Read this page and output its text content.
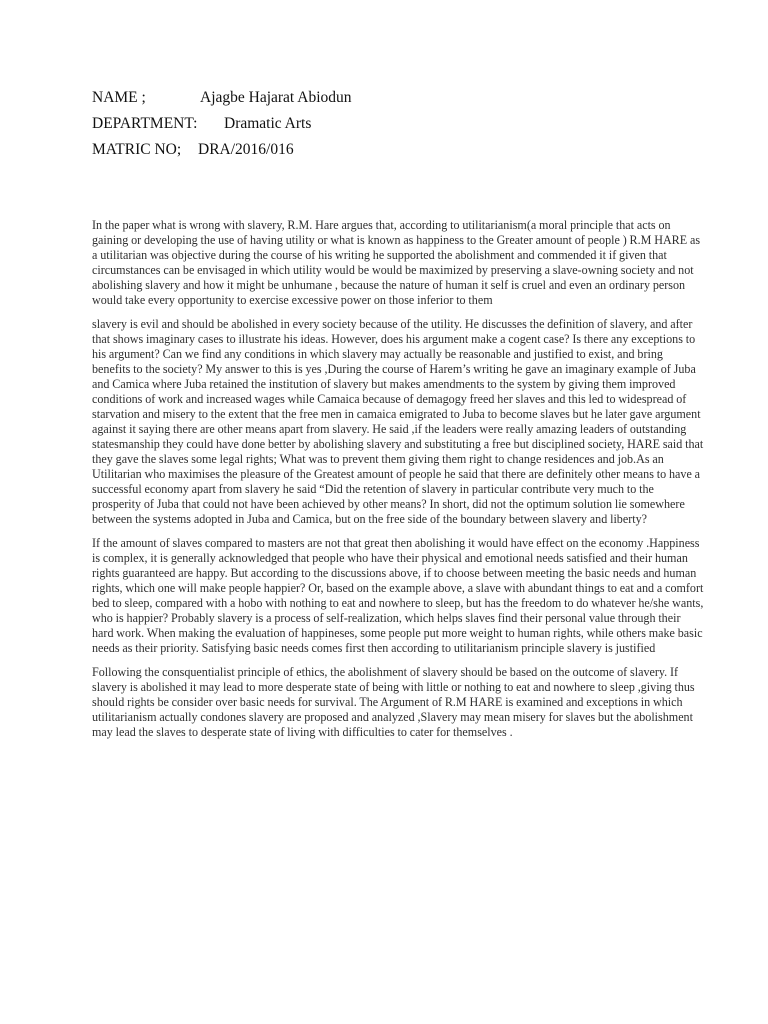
NAME ;	Ajagbe Hajarat Abiodun
DEPARTMENT:	Dramatic Arts
MATRIC NO;	DRA/2016/016

In the paper what is wrong with slavery, R.M. Hare argues that, according to utilitarianism(a moral principle that acts on gaining or developing the use of having utility or what is known as happiness to the Greater amount of people ) R.M HARE as a utilitarian was objective during the course of his writing he supported the abolishment and commended it if given that circumstances can be envisaged in which utility would be would be maximized by preserving a slave-owning society and not abolishing slavery and how it might be unhumane , because the nature of human it self is cruel and even an ordinary person would take every opportunity to exercise excessive power on those inferior to them

slavery is evil and should be abolished in every society because of the utility. He discusses the definition of slavery, and after that shows imaginary cases to illustrate his ideas. However, does his argument make a cogent case? Is there any exceptions to his argument? Can we find any conditions in which slavery may actually be reasonable and justified to exist, and bring benefits to the society? My answer to this is yes ,During the course of Harem’s writing he gave an imaginary example of Juba and Camica where Juba retained the institution of slavery but makes amendments to the system by giving them improved conditions of work and increased wages while Camaica because of demagogy freed her slaves and this led to widespread of starvation and misery to the extent that the free men in camaica emigrated to Juba to become slaves but he later gave argument against it saying there are other means apart from slavery. He said ,if the leaders were really amazing leaders of outstanding statesmanship they could have done better by abolishing slavery and substituting a free but disciplined society, HARE said that they gave the slaves some legal rights; What was to prevent them giving them right to change residences and job.As an Utilitarian who maximises the pleasure of the Greatest amount of people he said that there are definitely other means to have a successful economy apart from slavery he said “Did the retention of slavery in particular contribute very much to the prosperity of Juba that could not have been achieved by other means? In short, did not the optimum solution lie somewhere between the systems adopted in Juba and Camica, but on the free side of the boundary between slavery and liberty?

If the amount of slaves compared to masters are not that great then abolishing it would have effect on the economy .Happiness is complex, it is generally acknowledged that people who have their physical and emotional needs satisfied and their human rights guaranteed are happy. But according to the discussions above, if to choose between meeting the basic needs and human rights, which one will make people happier? Or, based on the example above, a slave with abundant things to eat and a comfort bed to sleep, compared with a hobo with nothing to eat and nowhere to sleep, but has the freedom to do whatever he/she wants, who is happier? Probably slavery is a process of self-realization, which helps slaves find their personal value through their hard work. When making the evaluation of happineses, some people put more weight to human rights, while others make basic needs as their priority. Satisfying basic needs comes first then according to utilitarianism principle slavery is justified

Following the consquentialist principle of ethics, the abolishment of slavery should be based on the outcome of slavery. If slavery is abolished it may lead to more desperate state of being with little or nothing to eat and nowhere to sleep ,giving thus should rights be consider over basic needs for survival. The Argument of R.M HARE is examined and exceptions in which utilitarianism actually condones slavery are proposed and analyzed ,Slavery may mean misery for slaves but the abolishment may lead the slaves to desperate state of living with difficulties to cater for themselves .
